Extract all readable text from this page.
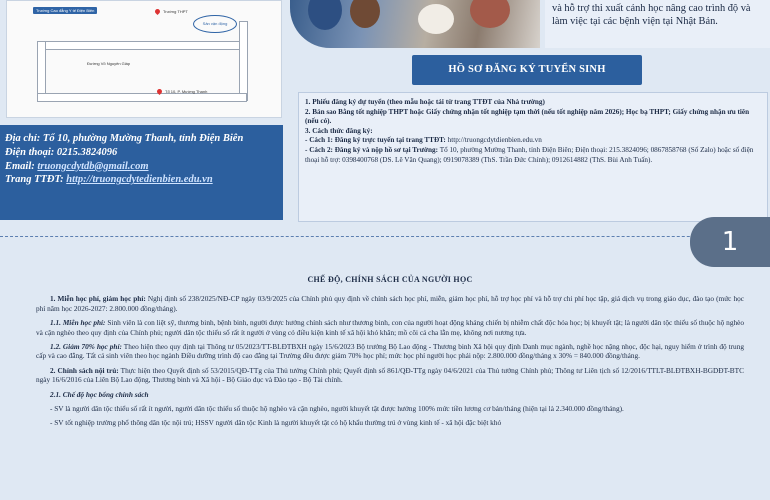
Trường Cao đẳng Y tế Điện Biên	Trường THPT
Sân vận động
Đường Võ Nguyên Giáp
Tổ 10, P. Mường Thanh
Địa chỉ: Tổ 10, phường Mường Thanh, tỉnh Điện Biên
Điện thoại: 0215.3824096
Email: truongcdytdb@gmail.com
Trang TTĐT: http://truongcdytedienbien.edu.vn
và hỗ trợ thi xuất cảnh học nâng cao trình độ và làm việc tại các bệnh viện tại Nhật Bản.
HỒ SƠ ĐĂNG KÝ TUYỂN SINH
1. Phiếu đăng ký dự tuyển (theo mẫu hoặc tải từ trang TTĐT của Nhà trường)
2. Bản sao Bằng tốt nghiệp THPT hoặc Giấy chứng nhận tốt nghiệp tạm thời (nếu tốt nghiệp năm 2026); Học bạ THPT; Giấy chứng nhận ưu tiên (nếu có).
3. Cách thức đăng ký:
- Cách 1: Đăng ký trực tuyến tại trang TTĐT: http://truongcdytdienbien.edu.vn
- Cách 2: Đăng ký và nộp hồ sơ tại Trường: Tổ 10, phường Mường Thanh, tỉnh Điện Biên; Điện thoại: 215.3824096; 0867858768 (Số Zalo) hoặc số điện thoại hỗ trợ: 0398400768 (DS. Lê Văn Quang); 0919078389 (ThS. Trần Đức Chính); 0912614882 (ThS. Bùi Anh Tuấn).
1
CHẾ ĐỘ, CHÍNH SÁCH CỦA NGƯỜI HỌC
1. Miễn học phí, giảm học phí: Nghị định số 238/2025/NĐ-CP ngày 03/9/2025 của Chính phủ quy định về chính sách học phí, miễn, giảm học phí, hỗ trợ học phí và hỗ trợ chi phí học tập, giá dịch vụ trong giáo dục, đào tạo (mức học phí năm học 2026-2027: 2.800.000 đồng/tháng).
1.1. Miễn học phí: Sinh viên là con liệt sỹ, thương binh, bệnh binh, người được hưởng chính sách như thương binh, con của người hoạt động kháng chiến bị nhiễm chất độc hóa học; bị khuyết tật; là người dân tộc thiểu số thuộc hộ nghèo và cận nghèo theo quy định của Chính phủ; người dân tộc thiểu số rất ít người ở vùng có điều kiện kinh tế xã hội khó khăn; mồ côi cả cha lẫn mẹ, không nơi nương tựa.
1.2. Giảm 70% học phí: Theo hiện theo quy định tại Thông tư 05/2023/TT-BLĐTBXH ngày 15/6/2023 Bộ trưởng Bộ Lao động - Thương binh Xã hội quy định Danh mục ngành, nghề học nặng nhọc, độc hại, nguy hiểm ở trình độ trung cấp và cao đẳng. Tất cả sinh viên theo học ngành Điều dưỡng trình độ cao đẳng tại Trường đều được giảm 70% học phí; mức học phí người học phải nộp: 2.800.000 đồng/tháng x 30% = 840.000 đồng/tháng.
2. Chính sách nội trú: Thực hiện theo Quyết định số 53/2015/QĐ-TTg của Thủ tướng Chính phủ; Quyết định số 861/QĐ-TTg ngày 04/6/2021 của Thủ tướng Chính phủ; Thông tư Liên tịch số 12/2016/TTLT-BLĐTBXH-BGDĐT-BTC ngày 16/6/2016 của Liên Bộ Lao động, Thương binh và Xã hội - Bộ Giáo dục và Đào tạo - Bộ Tài chính.
2.1. Chế độ học bổng chính sách
- SV là người dân tộc thiểu số rất ít người, người dân tộc thiểu số thuộc hộ nghèo và cận nghèo, người khuyết tật được hưởng 100% mức tiền lương cơ bản/tháng (hiện tại là 2.340.000 đồng/tháng).
- SV tốt nghiệp trường phổ thông dân tộc nội trú; HSSV người dân tộc Kinh là người khuyết tật có hộ khẩu thường trú ở vùng kinh tế - xã hội đặc biệt khó
